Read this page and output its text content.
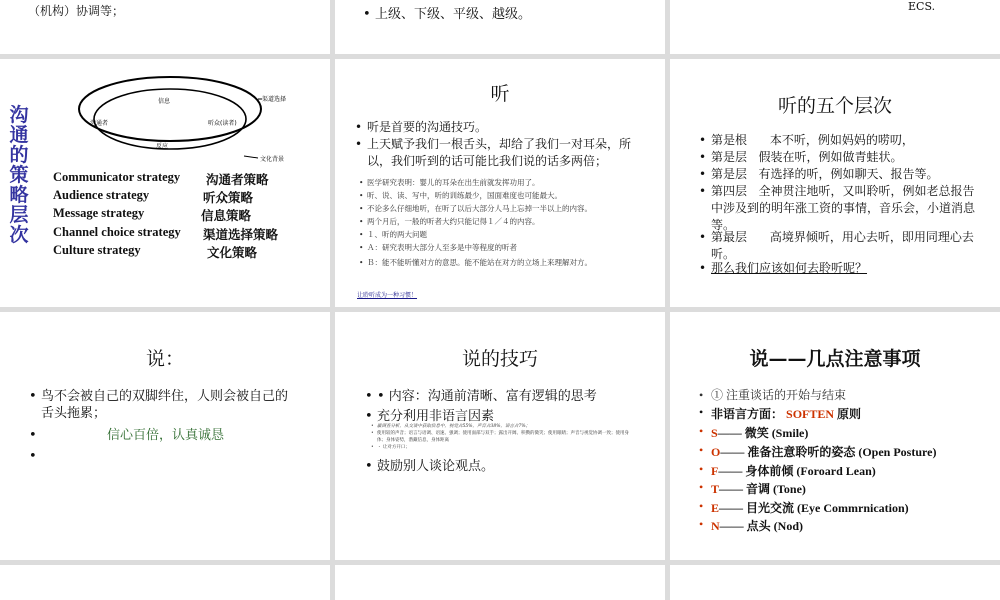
（机构）协调等；	• 上级、下级、平级、越级。
ECS.
沟
通
的
策
略
层
次
信息
沟通者	听众(读者)
反应
渠道选择
文化背景
Communicator strategy 沟通者策略
Audience strategy	听众策略
Message strategy	信息策略
Channel choice strategy 渠道选择策略
Culture strategy	文化策略
听
• 听是首要的沟通技巧。
• 上天赋予我们一根舌头，却给了我们一对耳朵，所以，我们听到的话可能比我们说的话多两倍；
• 医学研究表明：婴儿的耳朵在出生前就发挥功用了。
• 听、说、读、写中，听的训练最少，国面难度也可能最大。
• 不论多么仔细地听，在听了以后大部分人马上忘掉一半以上的内容。
• 两个月后，一般的听者大约只能记得１／４的内容。
• １、听的两大问题
• Ａ：研究表明大部分人至多是中等程度的听者
• Ｂ：能不能听懂对方的意思。能不能站在对方的立场上来理解对方。
让聆听成为一种习惯！
听的五个层次
• 第是根 本不听，例如妈妈的唠叨，
• 第是层 假装在听，例如做青蛙状。
• 第是层 有选择的听，例如聊天、报告等。
• 第四层 全神贯注地听，又叫聆听，例如老总报告中涉及到的明年涨工资的事情，音乐会，小道消息等。
• 第最层 高境界倾听，用心去听，即用同理心去听。
• 那么我们应该如何去聆听呢？
说：
• 鸟不会被自己的双脚绊住，人则会被自己的舌头拖累；
•	信心百倍，认真诚恳
•
说的技巧
• • 内容：沟通前清晰、富有逻辑的思考
• 充分利用非语言因素
• 赢调查分析，从交谈中获取信息中，视觉占55%，声音占38%，语言占7%；
• 使用较的声音；语言与语调、语速、强调；使用面部与双手；露出开阔、积攒的微笑；使用眼睛；声音与视觉协调一致；使用身体；身体姿势，潜藏信息，身体距离
• ・ 让对方开口；
• 鼓励别人谈论观点。
说——几点注意事项
• ① 注重谈话的开始与结束
• 非语言方面： SOFTEN 原则
• S—— 微笑 (Smile)
• O—— 准备注意聆听的姿态 (Open Posture)
• F—— 身体前倾 (Foroard Lean)
• T—— 音调 (Tone)
• E—— 目光交流 (Eye Commrnication)
• N—— 点头 (Nod)
